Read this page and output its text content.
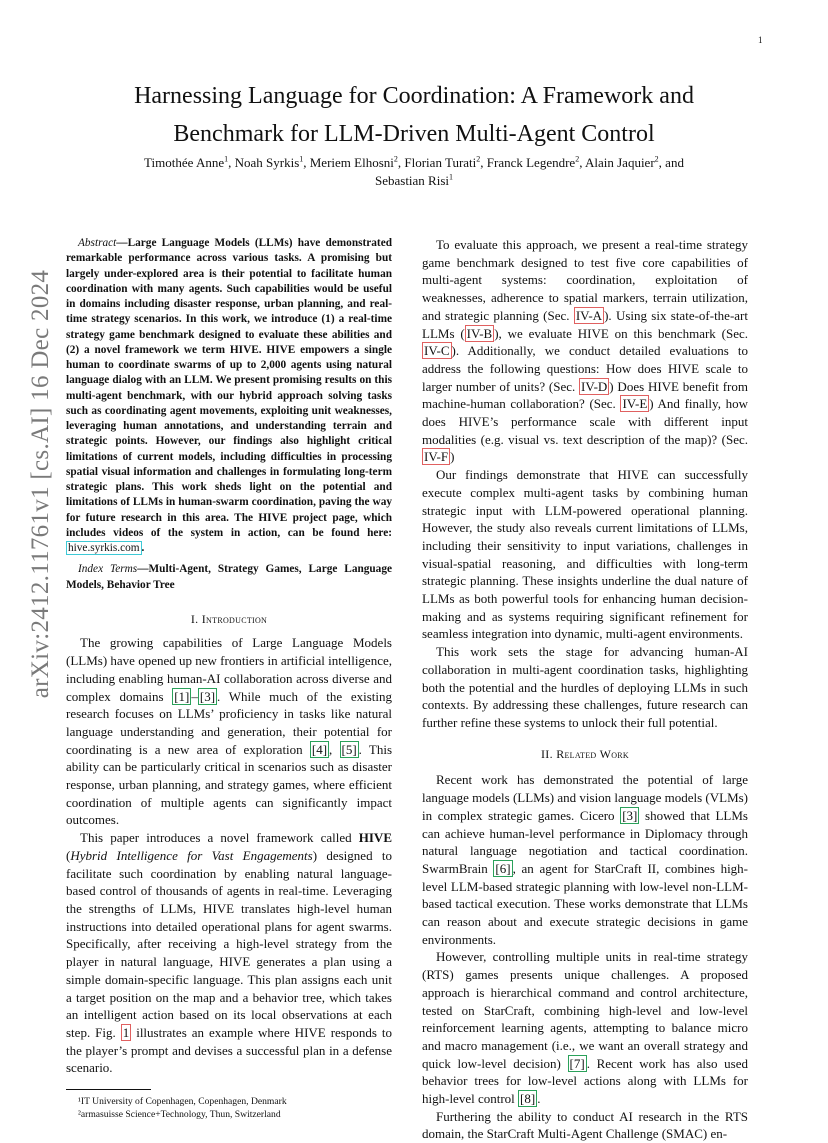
1
arXiv:2412.11761v1 [cs.AI] 16 Dec 2024
Harnessing Language for Coordination: A Framework and Benchmark for LLM-Driven Multi-Agent Control
Timothée Anne$^1$, Noah Syrkis$^1$, Meriem Elhosni$^2$, Florian Turati$^2$, Franck Legendre$^2$, Alain Jaquier$^2$, and
Sebastian Risi$^1$

Abstract—Large Language Models (LLMs) have demonstrated remarkable performance across various tasks. A promising but largely under-explored area is their potential to facilitate human coordination with many agents. Such capabilities would be useful in domains including disaster response, urban planning, and real-time strategy scenarios. In this work, we introduce (1) a real-time strategy game benchmark designed to evaluate these abilities and (2) a novel framework we term HIVE. HIVE empowers a single human to coordinate swarms of up to 2,000 agents using natural language dialog with an LLM. We present promising results on this multi-agent benchmark, with our hybrid approach solving tasks such as coordinating agent movements, exploiting unit weaknesses, leveraging human annotations, and understanding terrain and strategic points. However, our findings also highlight critical limitations of current models, including difficulties in processing spatial visual information and challenges in formulating long-term strategic plans. This work sheds light on the potential and limitations of LLMs in human-swarm coordination, paving the way for future research in this area. The HIVE project page, which includes videos of the system in action, can be found here: hive.syrkis.com .

Index Terms—Multi-Agent, Strategy Games, Large Language Models, Behavior Tree

I. Introduction

The growing capabilities of Large Language Models (LLMs) have opened up new frontiers in artificial intelligence, including enabling human-AI collaboration across diverse and complex domains [1] – [3] . While much of the existing research focuses on LLMs’ proficiency in tasks like natural language understanding and generation, their potential for coordinating is a new area of exploration [4] , [5] . This ability can be particularly critical in scenarios such as disaster response, urban planning, and strategy games, where efficient coordination of multiple agents can significantly impact outcomes.

This paper introduces a novel framework called HIVE (Hybrid Intelligence for Vast Engagements) designed to facilitate such coordination by enabling natural language-based control of thousands of agents in real-time. Leveraging the strengths of LLMs, HIVE translates high-level human instructions into detailed operational plans for agent swarms. Specifically, after receiving a high-level strategy from the player in natural language, HIVE generates a plan using a simple domain-specific language. This plan assigns each unit a target position on the map and a behavior tree, which takes an intelligent action based on its local observations at each step. Fig. 1 illustrates an example where HIVE responds to the player’s prompt and devises a successful plan in a defense scenario.

¹IT University of Copenhagen, Copenhagen, Denmark

²armasuisse Science+Technology, Thun, Switzerland

To evaluate this approach, we present a real-time strategy game benchmark designed to test five core capabilities of multi-agent systems: coordination, exploitation of weaknesses, adherence to spatial markers, terrain utilization, and strategic planning (Sec. IV-A ). Using six state-of-the-art LLMs ( IV-B ), we evaluate HIVE on this benchmark (Sec. IV-C ). Additionally, we conduct detailed evaluations to address the following questions: How does HIVE scale to larger number of units? (Sec. IV-D ) Does HIVE benefit from machine-human collaboration? (Sec. IV-E ) And finally, how does HIVE’s performance scale with different input modalities (e.g. visual vs. text description of the map)? (Sec. IV-F )

Our findings demonstrate that HIVE can successfully execute complex multi-agent tasks by combining human strategic input with LLM-powered operational planning. However, the study also reveals current limitations of LLMs, including their sensitivity to input variations, challenges in visual-spatial reasoning, and difficulties with long-term strategic planning. These insights underline the dual nature of LLMs as both powerful tools for enhancing human decision-making and as systems requiring significant refinement for seamless integration into dynamic, multi-agent environments.

This work sets the stage for advancing human-AI collaboration in multi-agent coordination tasks, highlighting both the potential and the hurdles of deploying LLMs in such contexts. By addressing these challenges, future research can further refine these systems to unlock their full potential.

II. Related Work

Recent work has demonstrated the potential of large language models (LLMs) and vision language models (VLMs) in complex strategic games. Cicero [3] showed that LLMs can achieve human-level performance in Diplomacy through natural language negotiation and tactical coordination. SwarmBrain [6] , an agent for StarCraft II, combines high-level LLM-based strategic planning with low-level non-LLM-based tactical execution. These works demonstrate that LLMs can reason about and execute strategic decisions in game environments.

However, controlling multiple units in real-time strategy (RTS) games presents unique challenges. A proposed approach is hierarchical command and control architecture, tested on StarCraft, combining high-level and low-level reinforcement learning agents, attempting to balance micro and macro management (i.e., we want an overall strategy and quick low-level decision) [7] . Recent work has also used behavior trees for low-level actions along with LLMs for high-level control [8] .

Furthering the ability to conduct AI research in the RTS domain, the StarCraft Multi-Agent Challenge (SMAC) en-
